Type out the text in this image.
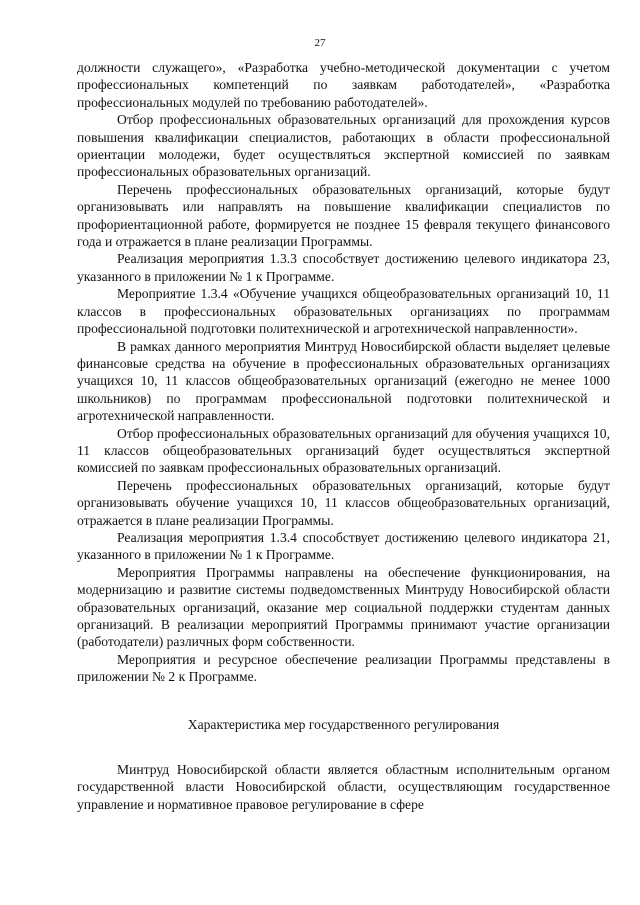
27

должности служащего», «Разработка учебно-методической документации с учетом профессиональных компетенций по заявкам работодателей», «Разработка профессиональных модулей по требованию работодателей».

Отбор профессиональных образовательных организаций для прохождения курсов повышения квалификации специалистов, работающих в области профессиональной ориентации молодежи, будет осуществляться экспертной комиссией по заявкам профессиональных образовательных организаций.

Перечень профессиональных образовательных организаций, которые будут организовывать или направлять на повышение квалификации специалистов по профориентационной работе, формируется не позднее 15 февраля текущего финансового года и отражается в плане реализации Программы.

Реализация мероприятия 1.3.3 способствует достижению целевого индикатора 23, указанного в приложении № 1 к Программе.

Мероприятие 1.3.4 «Обучение учащихся общеобразовательных организаций 10, 11 классов в профессиональных образовательных организациях по программам профессиональной подготовки политехнической и агротехнической направленности».

В рамках данного мероприятия Минтруд Новосибирской области выделяет целевые финансовые средства на обучение в профессиональных образовательных организациях учащихся 10, 11 классов общеобразовательных организаций (ежегодно не менее 1000 школьников) по программам профессиональной подготовки политехнической и агротехнической направленности.

Отбор профессиональных образовательных организаций для обучения учащихся 10, 11 классов общеобразовательных организаций будет осуществляться экспертной комиссией по заявкам профессиональных образовательных организаций.

Перечень профессиональных образовательных организаций, которые будут организовывать обучение учащихся 10, 11 классов общеобразовательных организаций, отражается в плане реализации Программы.

Реализация мероприятия 1.3.4 способствует достижению целевого индикатора 21, указанного в приложении № 1 к Программе.

Мероприятия Программы направлены на обеспечение функционирования, на модернизацию и развитие системы подведомственных Минтруду Новосибирской области образовательных организаций, оказание мер социальной поддержки студентам данных организаций. В реализации мероприятий Программы принимают участие организации (работодатели) различных форм собственности.

Мероприятия и ресурсное обеспечение реализации Программы представлены в приложении № 2 к Программе.

Характеристика мер государственного регулирования

Минтруд Новосибирской области является областным исполнительным органом государственной власти Новосибирской области, осуществляющим государственное управление и нормативное правовое регулирование в сфере
